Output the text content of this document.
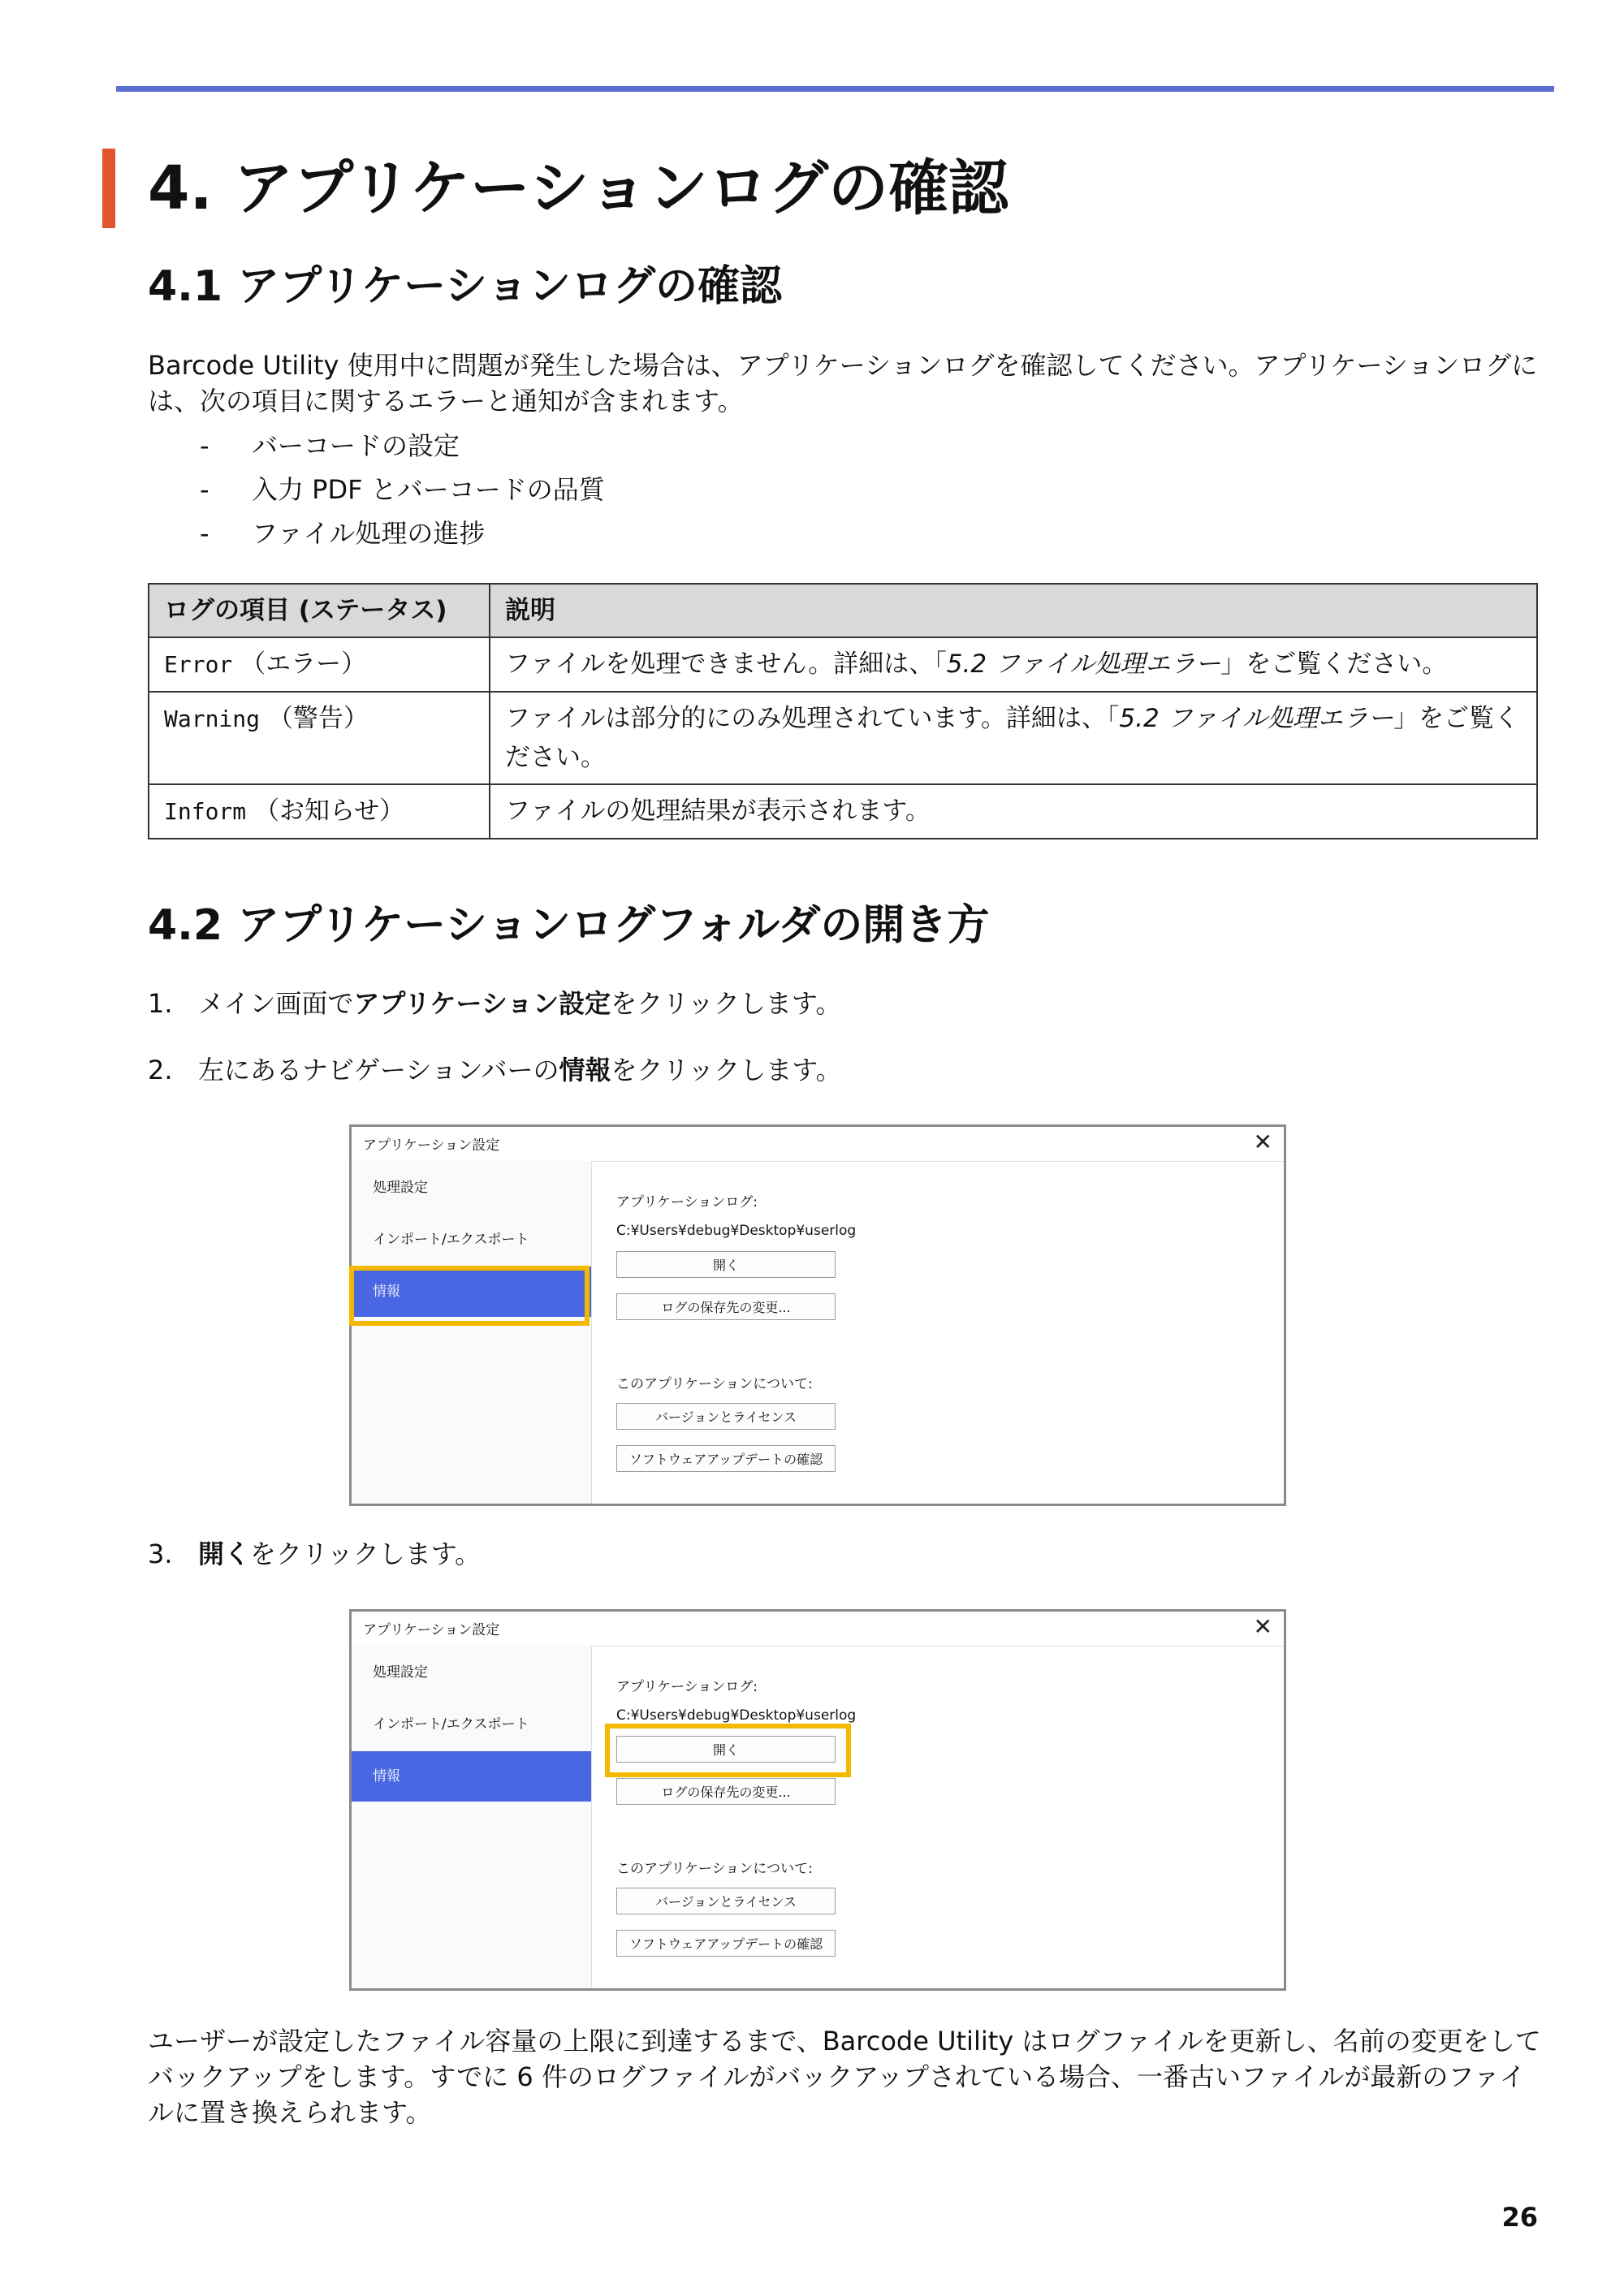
4. アプリケーションログの確認
4.1 アプリケーションログの確認

Barcode Utility 使用中に問題が発生した場合は、アプリケーションログを確認してください。アプリケーションログには、次の項目に関するエラーと通知が含まれます。

- バーコードの設定
- 入力 PDF とバーコードの品質
- ファイル処理の進捗
ログの項目 (ステータス)	説明
Error （エラー）	ファイルを処理できません。詳細は、「5.2 ファイル処理エラー」をご覧ください。
Warning （警告）	ファイルは部分的にのみ処理されています。詳細は、「5.2 ファイル処理エラー」をご覧ください。
Inform （お知らせ）	ファイルの処理結果が表示されます。
4.2 アプリケーションログフォルダの開き方

1. メイン画面でアプリケーション設定をクリックします。

2. 左にあるナビゲーションバーの情報をクリックします。

アプリケーション設定	✕
処理設定
インポート/エクスポート
情報
アプリケーションログ:
C:¥Users¥debug¥Desktop¥userlog
開く
ログの保存先の変更...
このアプリケーションについて:
バージョンとライセンス
ソフトウェアアップデートの確認

3. 開くをクリックします。

アプリケーション設定	✕
処理設定
インポート/エクスポート
情報
アプリケーションログ:
C:¥Users¥debug¥Desktop¥userlog
開く
ログの保存先の変更...
このアプリケーションについて:
バージョンとライセンス
ソフトウェアアップデートの確認

ユーザーが設定したファイル容量の上限に到達するまで、Barcode Utility はログファイルを更新し、名前の変更をしてバックアップをします。すでに 6 件のログファイルがバックアップされている場合、一番古いファイルが最新のファイルに置き換えられます。

26
